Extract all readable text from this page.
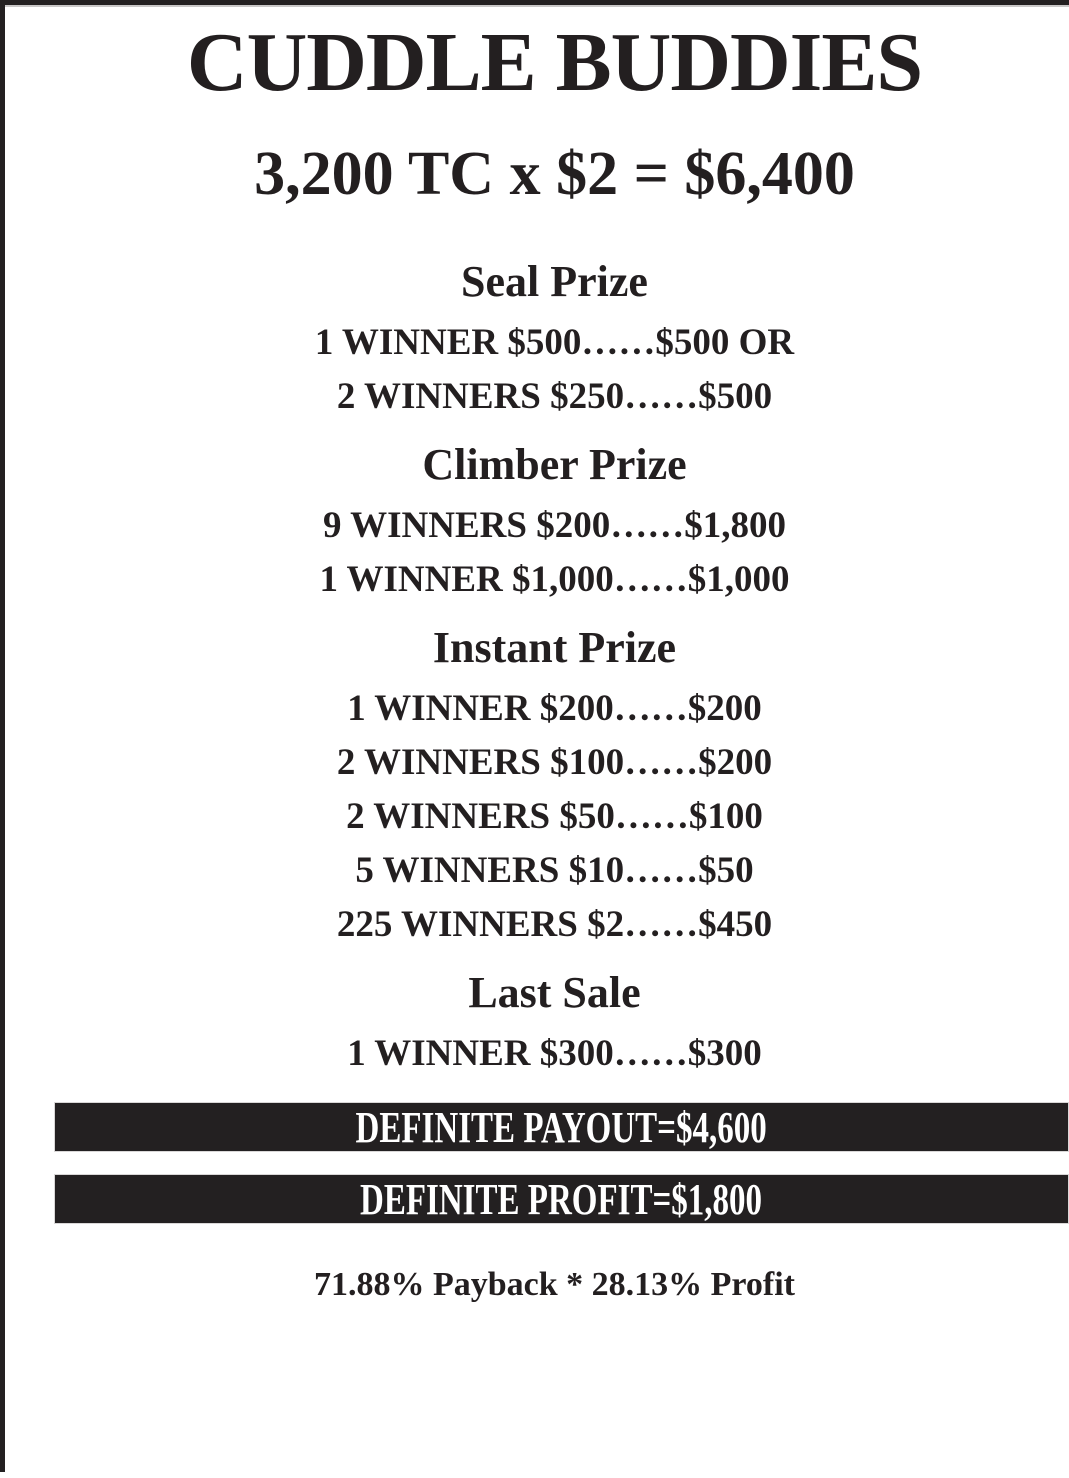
CUDDLE BUDDIES
3,200 TC x $2 = $6,400
Seal Prize

1 WINNER $500……$500 OR

2 WINNERS $250……$500

Climber Prize

9 WINNERS $200……$1,800

1 WINNER $1,000……$1,000

Instant Prize

1 WINNER $200……$200

2 WINNERS $100……$200

2 WINNERS $50……$100

5 WINNERS $10……$50

225 WINNERS $2……$450

Last Sale

1 WINNER $300……$300

DEFINITE PAYOUT=$4,600
DEFINITE PROFIT=$1,800

71.88% Payback * 28.13% Profit
